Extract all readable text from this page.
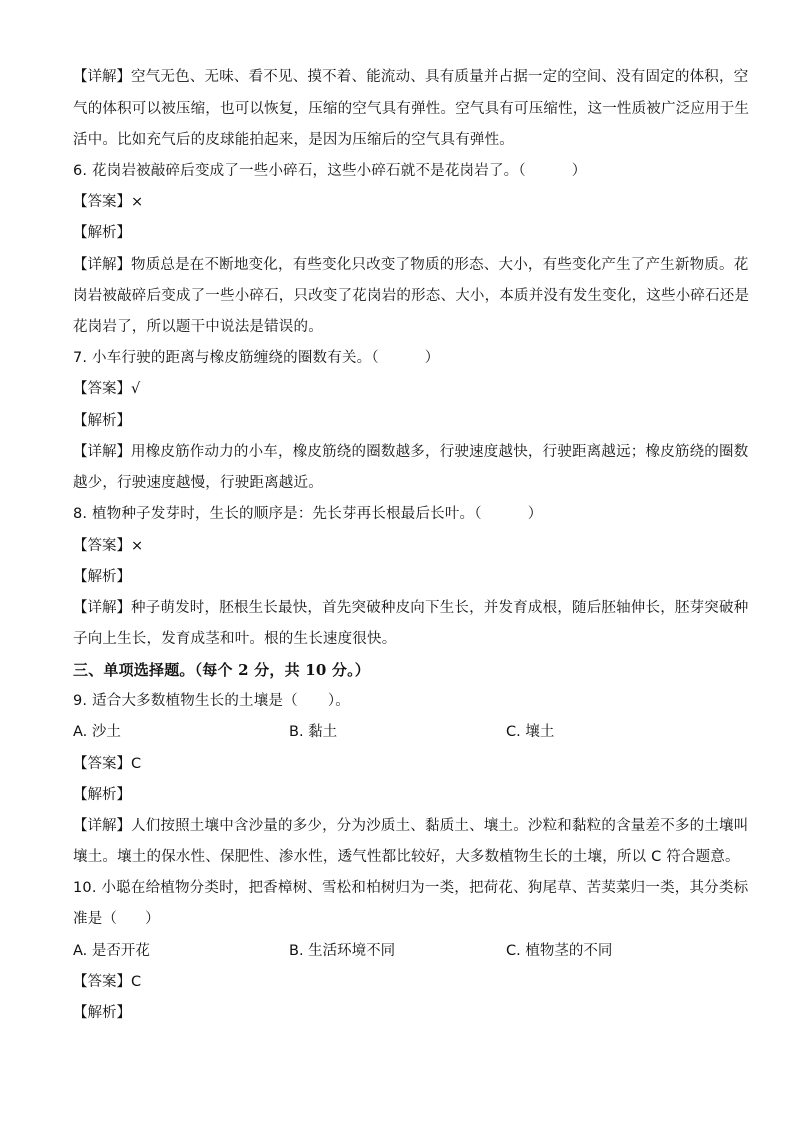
【详解】空气无色、无味、看不见、摸不着、能流动、具有质量并占据一定的空间、没有固定的体积，空
气的体积可以被压缩，也可以恢复，压缩的空气具有弹性。空气具有可压缩性，这一性质被广泛应用于生
活中。比如充气后的皮球能拍起来，是因为压缩后的空气具有弹性。
6. 花岗岩被敲碎后变成了一些小碎石，这些小碎石就不是花岗岩了。（	）
【答案】×
【解析】
【详解】物质总是在不断地变化，有些变化只改变了物质的形态、大小，有些变化产生了产生新物质。花
岗岩被敲碎后变成了一些小碎石，只改变了花岗岩的形态、大小，本质并没有发生变化，这些小碎石还是
花岗岩了，所以题干中说法是错误的。
7. 小车行驶的距离与橡皮筋缠绕的圈数有关。（	）
【答案】√
【解析】
【详解】用橡皮筋作动力的小车，橡皮筋绕的圈数越多，行驶速度越快，行驶距离越远；橡皮筋绕的圈数
越少，行驶速度越慢，行驶距离越近。
8. 植物种子发芽时，生长的顺序是：先长芽再长根最后长叶。（	）
【答案】×
【解析】
【详解】种子萌发时，胚根生长最快，首先突破种皮向下生长，并发育成根，随后胚轴伸长，胚芽突破种
子向上生长，发育成茎和叶。根的生长速度很快。
三、单项选择题。（每个 2 分，共 10 分。）
9. 适合大多数植物生长的土壤是（ ）。
A. 沙土	B. 黏土	C. 壤土
【答案】C
【解析】
【详解】人们按照土壤中含沙量的多少，分为沙质土、黏质土、壤土。沙粒和黏粒的含量差不多的土壤叫
壤土。壤土的保水性、保肥性、渗水性，透气性都比较好，大多数植物生长的土壤，所以 C 符合题意。
10. 小聪在给植物分类时，把香樟树、雪松和柏树归为一类，把荷花、狗尾草、苦荬菜归一类，其分类标
准是（ ）
A. 是否开花	B. 生活环境不同	C. 植物茎的不同
【答案】C
【解析】
